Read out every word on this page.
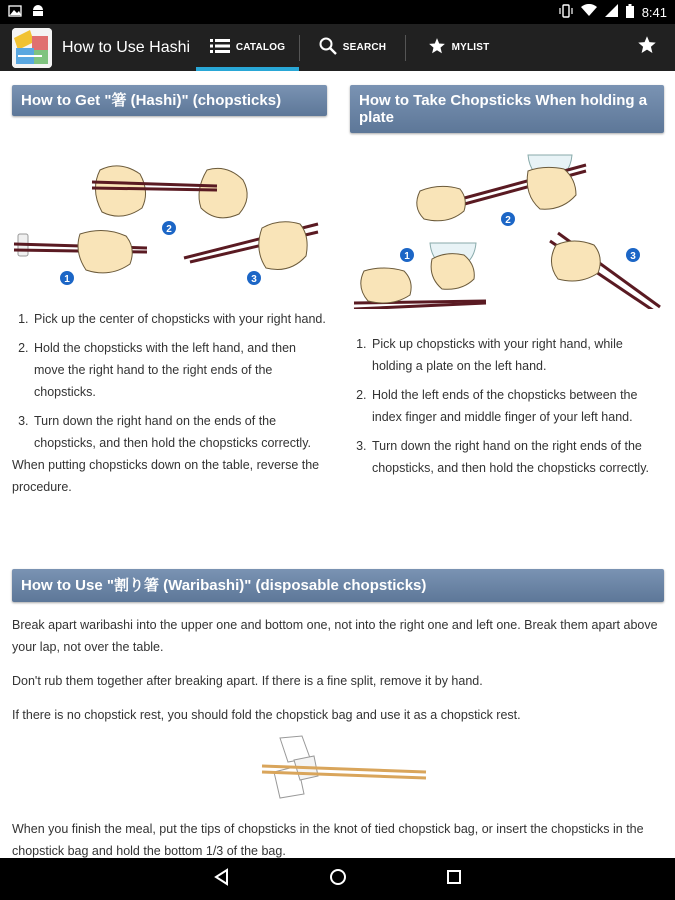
8:41
How to Use Hashi	CATALOG	SEARCH	MYLIST
How to Get "箸 (Hashi)" (chopsticks)
2
1	3
1. Pick up the center of chopsticks with your right hand.
2. Hold the chopsticks with the left hand, and then move the right hand to the right ends of the chopsticks.
3. Turn down the right hand on the ends of the chopsticks, and then hold the chopsticks correctly.
When putting chopsticks down on the table, reverse the procedure.
How to Take Chopsticks When holding a plate
2
1	3
1. Pick up chopsticks with your right hand, while holding a plate on the left hand.
2. Hold the left ends of the chopsticks between the index finger and middle finger of your left hand.
3. Turn down the right hand on the right ends of the chopsticks, and then hold the chopsticks correctly.
How to Use "割り箸 (Waribashi)" (disposable chopsticks)

Break apart waribashi into the upper one and bottom one, not into the right one and left one. Break them apart above your lap, not over the table.

Don't rub them together after breaking apart. If there is a fine split, remove it by hand.

If there is no chopstick rest, you should fold the chopstick bag and use it as a chopstick rest.

When you finish the meal, put the tips of chopsticks in the knot of tied chopstick bag, or insert the chopsticks in the chopstick bag and hold the bottom 1/3 of the bag.
